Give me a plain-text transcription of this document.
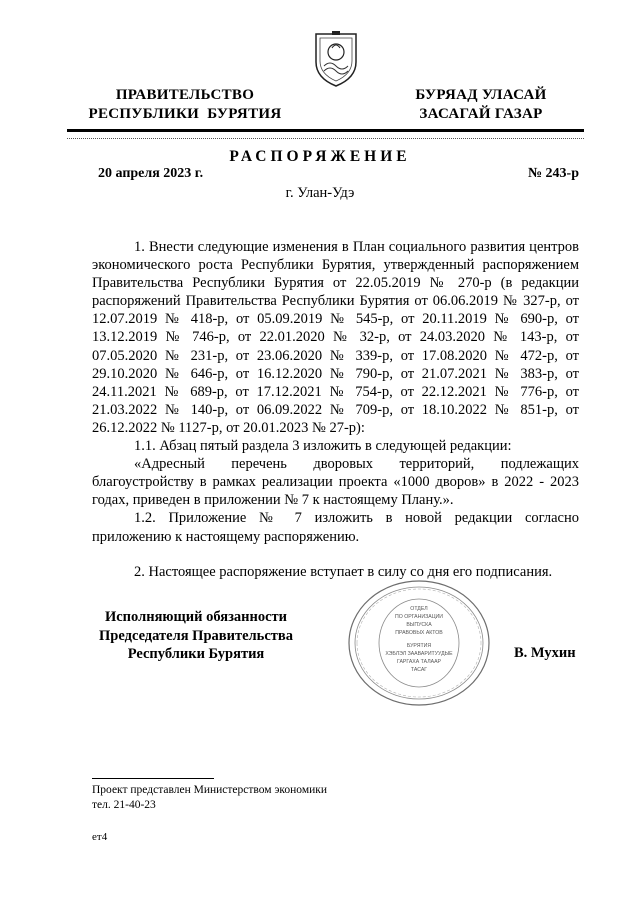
ПРАВИТЕЛЬСТВО
РЕСПУБЛИКИ  БУРЯТИЯ
БУРЯАД УЛАСАЙ
ЗАСАГАЙ ГАЗАР
РАСПОРЯЖЕНИЕ
20 апреля 2023 г.	№ 243-р
г. Улан-Удэ

1. Внести следующие изменения в План социального развития центров экономического роста Республики Бурятия, утвержденный распоряжением Правительства Республики Бурятия от 22.05.2019 № 270-р (в редакции распоряжений Правительства Республики Бурятия от 06.06.2019 № 327-р, от 12.07.2019 № 418-р, от 05.09.2019 № 545-р, от 20.11.2019 № 690-р, от 13.12.2019 № 746-р, от 22.01.2020 № 32-р, от 24.03.2020 № 143-р, от 07.05.2020 № 231-р, от 23.06.2020 № 339-р, от 17.08.2020 № 472-р, от 29.10.2020 № 646-р, от 16.12.2020 № 790-р, от 21.07.2021 № 383-р, от 24.11.2021 № 689-р, от 17.12.2021 № 754-р, от 22.12.2021 № 776-р, от 21.03.2022 № 140-р, от 06.09.2022 № 709-р, от 18.10.2022 № 851-р, от 26.12.2022 № 1127-р, от 20.01.2023 № 27-р):

1.1. Абзац пятый раздела 3 изложить в следующей редакции:

«Адресный перечень дворовых территорий, подлежащих благоустройству в рамках реализации проекта «1000 дворов» в 2022 - 2023 годах, приведен в приложении № 7 к настоящему Плану.».

1.2. Приложение № 7 изложить в новой редакции согласно приложению к настоящему распоряжению.

2. Настоящее распоряжение вступает в силу со дня его подписания.

Исполняющий обязанности
Председателя Правительства
Республики Бурятия
ОТДЕЛ
ПО ОРГАНИЗАЦИИ
ВЫПУСКА
ПРАВОВЫХ АКТОВ
БУРЯТИЯ
ХЭБЛЭЛ ЗААВАРИТУУДЫЕ
ГАРГАХА ТАЛААР
ТАСАГ
В. Мухин
Проект представлен Министерством экономики
тел. 21-40-23
ет4
